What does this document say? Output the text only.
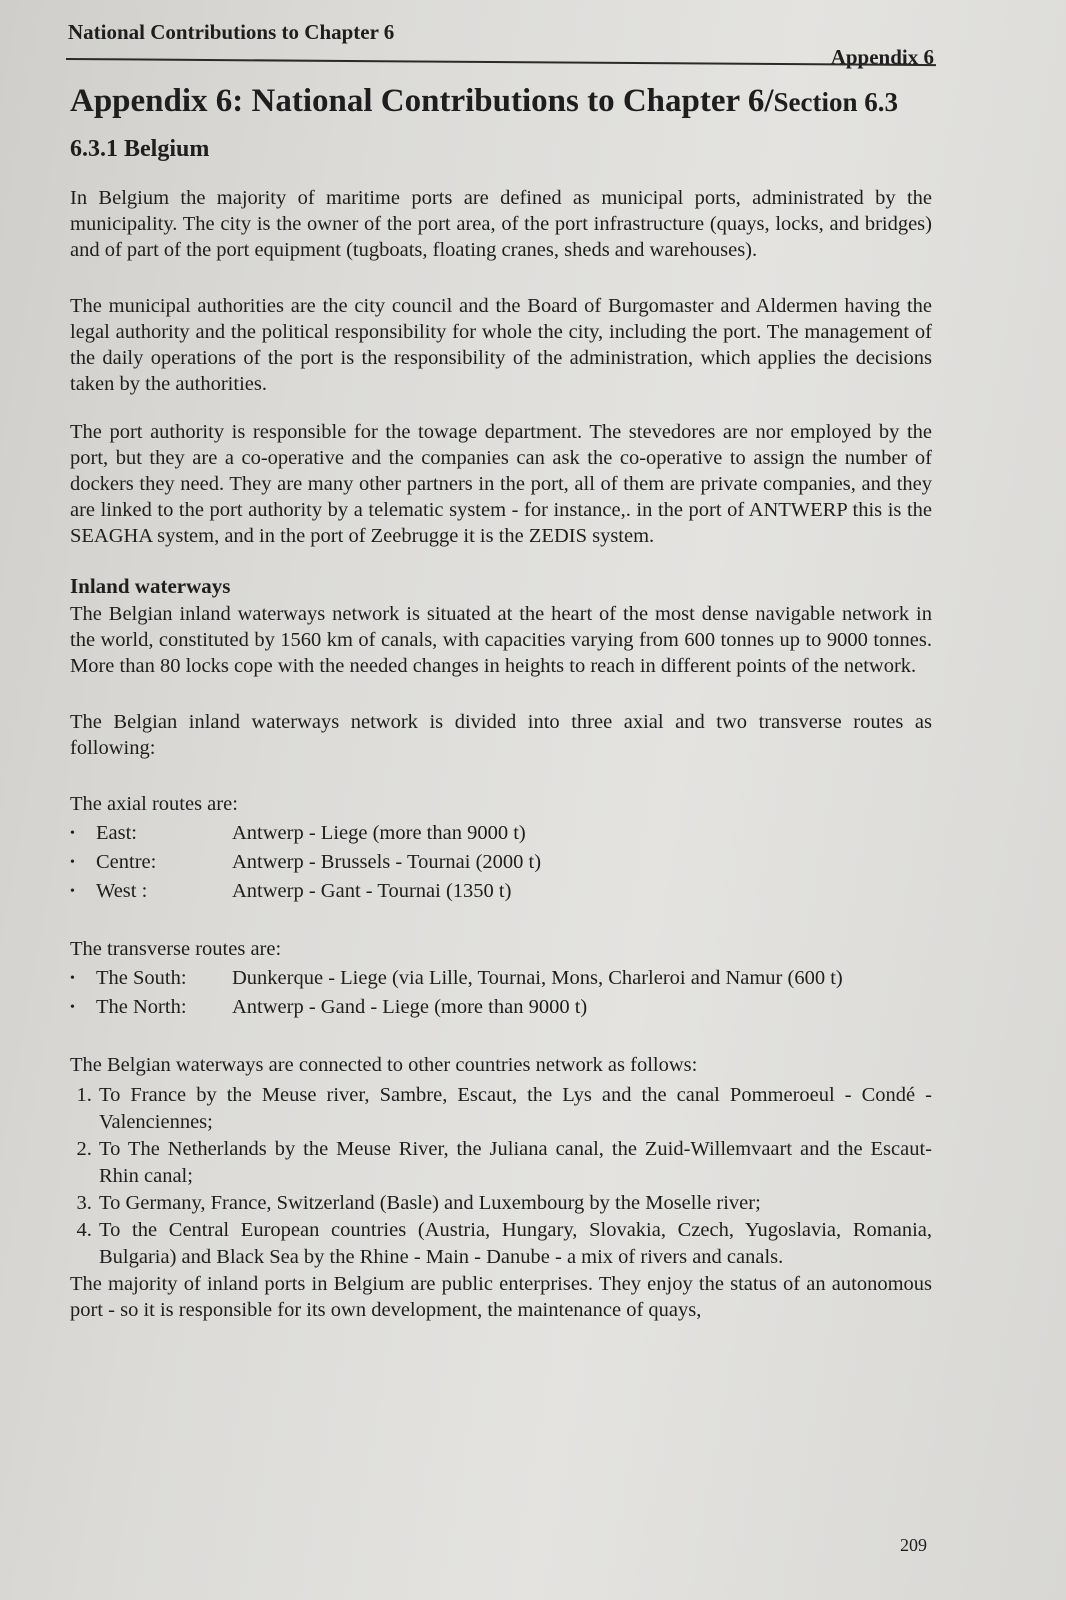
National Contributions to Chapter 6
Appendix 6
Appendix 6: National Contributions to Chapter 6/Section 6.3
6.3.1 Belgium

In Belgium the majority of maritime ports are defined as municipal ports, administrated by the municipality. The city is the owner of the port area, of the port infrastructure (quays, locks, and bridges) and of part of the port equipment (tugboats, floating cranes, sheds and warehouses).

The municipal authorities are the city council and the Board of Burgomaster and Aldermen having the legal authority and the political responsibility for whole the city, including the port. The management of the daily operations of the port is the responsibility of the administration, which applies the decisions taken by the authorities.

The port authority is responsible for the towage department. The stevedores are nor employed by the port, but they are a co-operative and the companies can ask the co-operative to assign the number of dockers they need. They are many other partners in the port, all of them are private companies, and they are linked to the port authority by a telematic system - for instance,. in the port of ANTWERP this is the SEAGHA system, and in the port of Zeebrugge it is the ZEDIS system.

Inland waterways

The Belgian inland waterways network is situated at the heart of the most dense navigable network in the world, constituted by 1560 km of canals, with capacities varying from 600 tonnes up to 9000 tonnes. More than 80 locks cope with the needed changes in heights to reach in different points of the network.

The Belgian inland waterways network is divided into three axial and two transverse routes as following:

The axial routes are:

•	East:	Antwerp - Liege (more than 9000 t)
•	Centre:	Antwerp - Brussels - Tournai (2000 t)
•	West :	Antwerp - Gant - Tournai (1350 t)

The transverse routes are:

•	The South:	Dunkerque - Liege (via Lille, Tournai, Mons, Charleroi and Namur (600 t)
•	The North:	Antwerp - Gand - Liege (more than 9000 t)

The Belgian waterways are connected to other countries network as follows:

1. To France by the Meuse river, Sambre, Escaut, the Lys and the canal Pommeroeul - Condé - Valenciennes;
2. To The Netherlands by the Meuse River, the Juliana canal, the Zuid-Willemvaart and the Escaut-Rhin canal;
3. To Germany, France, Switzerland (Basle) and Luxembourg by the Moselle river;
4. To the Central European countries (Austria, Hungary, Slovakia, Czech, Yugoslavia, Romania, Bulgaria) and Black Sea by the Rhine - Main - Danube - a mix of rivers and canals.

The majority of inland ports in Belgium are public enterprises. They enjoy the status of an autonomous port - so it is responsible for its own development, the maintenance of quays,

209
